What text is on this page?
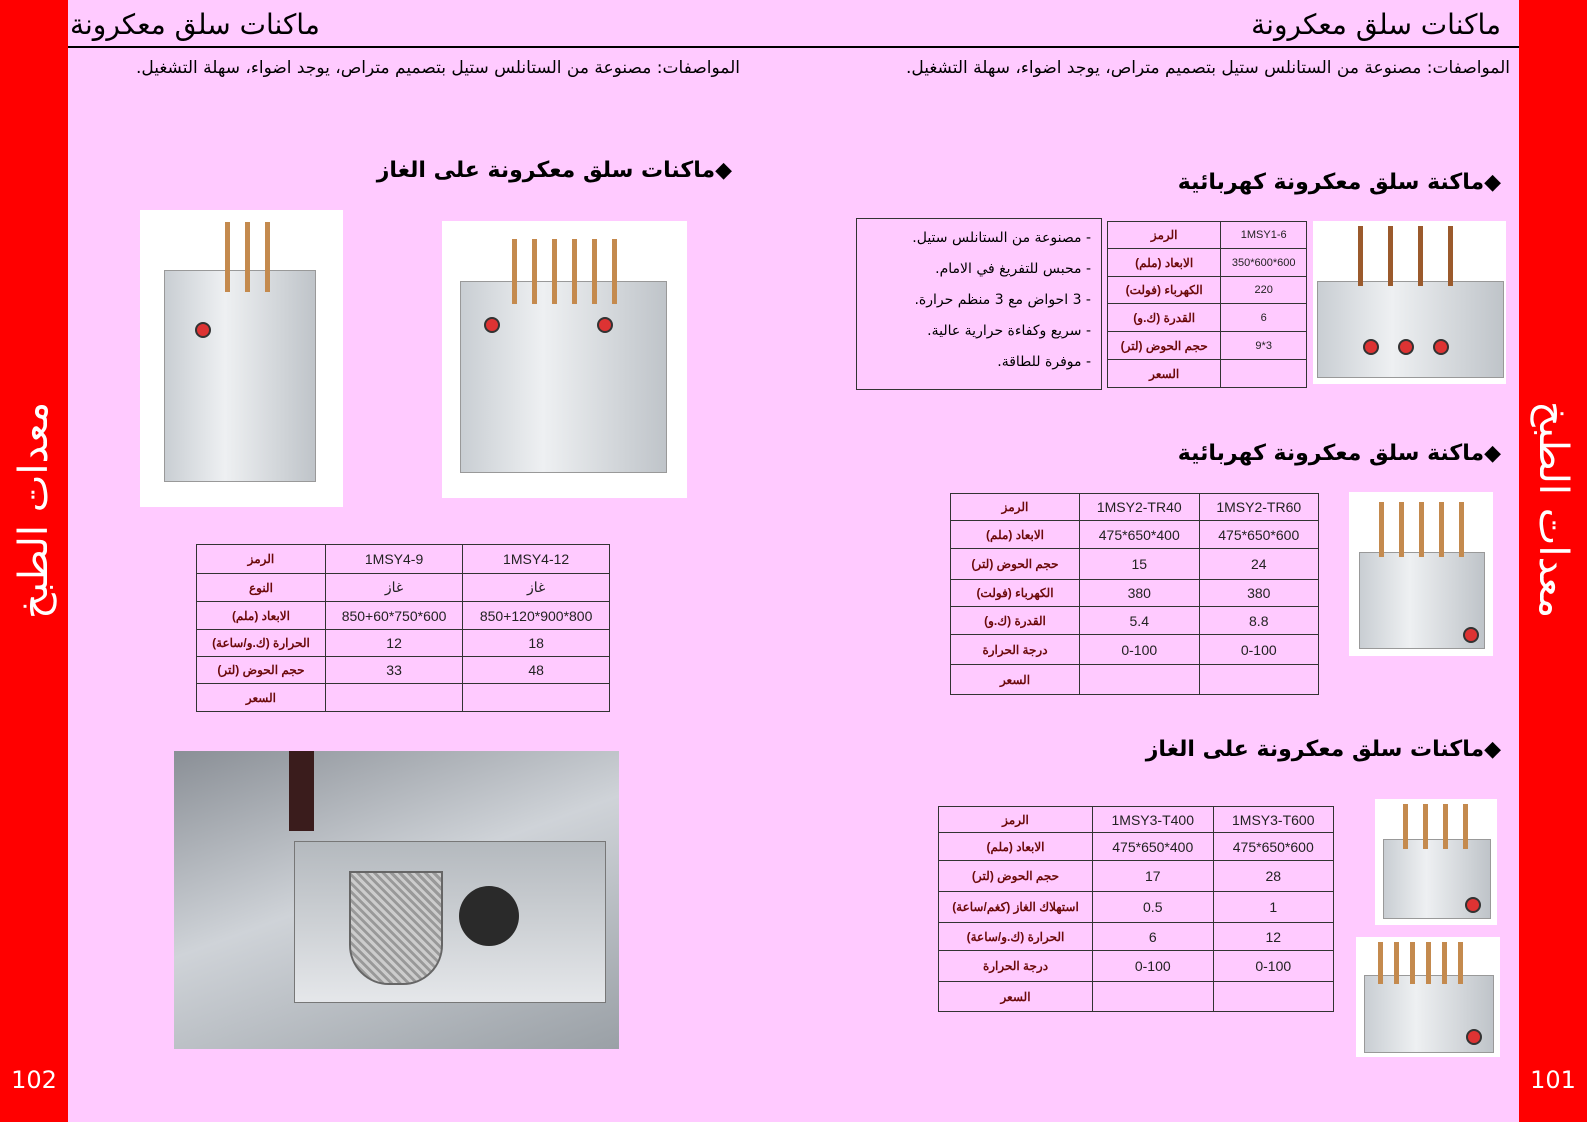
معدات الطبخ
102
معدات الطبخ
101
ماكنات سلق معكرونة	ماكنات سلق معكرونة
المواصفات: مصنوعة من الستانلس ستيل بتصميم متراص، يوجد اضواء، سهلة التشغيل.	المواصفات: مصنوعة من الستانلس ستيل بتصميم متراص، يوجد اضواء، سهلة التشغيل.
◆ماكنات سلق معكرونة على الغاز
الرمز	1MSY4-9	1MSY4-12
النوع	غاز	غاز
الابعاد (ملم)	600*750*850+60	800*900*850+120
الحرارة (ك.و/ساعة)	12	18
حجم الحوض (لتر)	33	48
السعر		
◆ماكنة سلق معكرونة كهربائية
- مصنوعة من الستانلس ستيل.
- محبس للتفريغ في الامام.
- 3 احواض مع 3 منظم حرارة.
- سريع وكفاءة حرارية عالية.
- موفرة للطاقة.
الرمز	1MSY1-6
الابعاد (ملم)	600*600*350
الكهرباء (فولت)	220
القدرة (ك.و)	6
حجم الحوض (لتر)	3*9
السعر	
◆ماكنة سلق معكرونة كهربائية
الرمز	1MSY2-TR40	1MSY2-TR60
الابعاد (ملم)	400*650*475	600*650*475
حجم الحوض (لتر)	15	24
الكهرباء (فولت)	380	380
القدرة (ك.و)	5.4	8.8
درجة الحرارة	0-100	0-100
السعر		
◆ماكنات سلق معكرونة على الغاز
الرمز	1MSY3-T400	1MSY3-T600
الابعاد (ملم)	400*650*475	600*650*475
حجم الحوض (لتر)	17	28
استهلاك الغاز (كغم/ساعة)	0.5	1
الحرارة (ك.و/ساعة)	6	12
درجة الحرارة	0-100	0-100
السعر		
